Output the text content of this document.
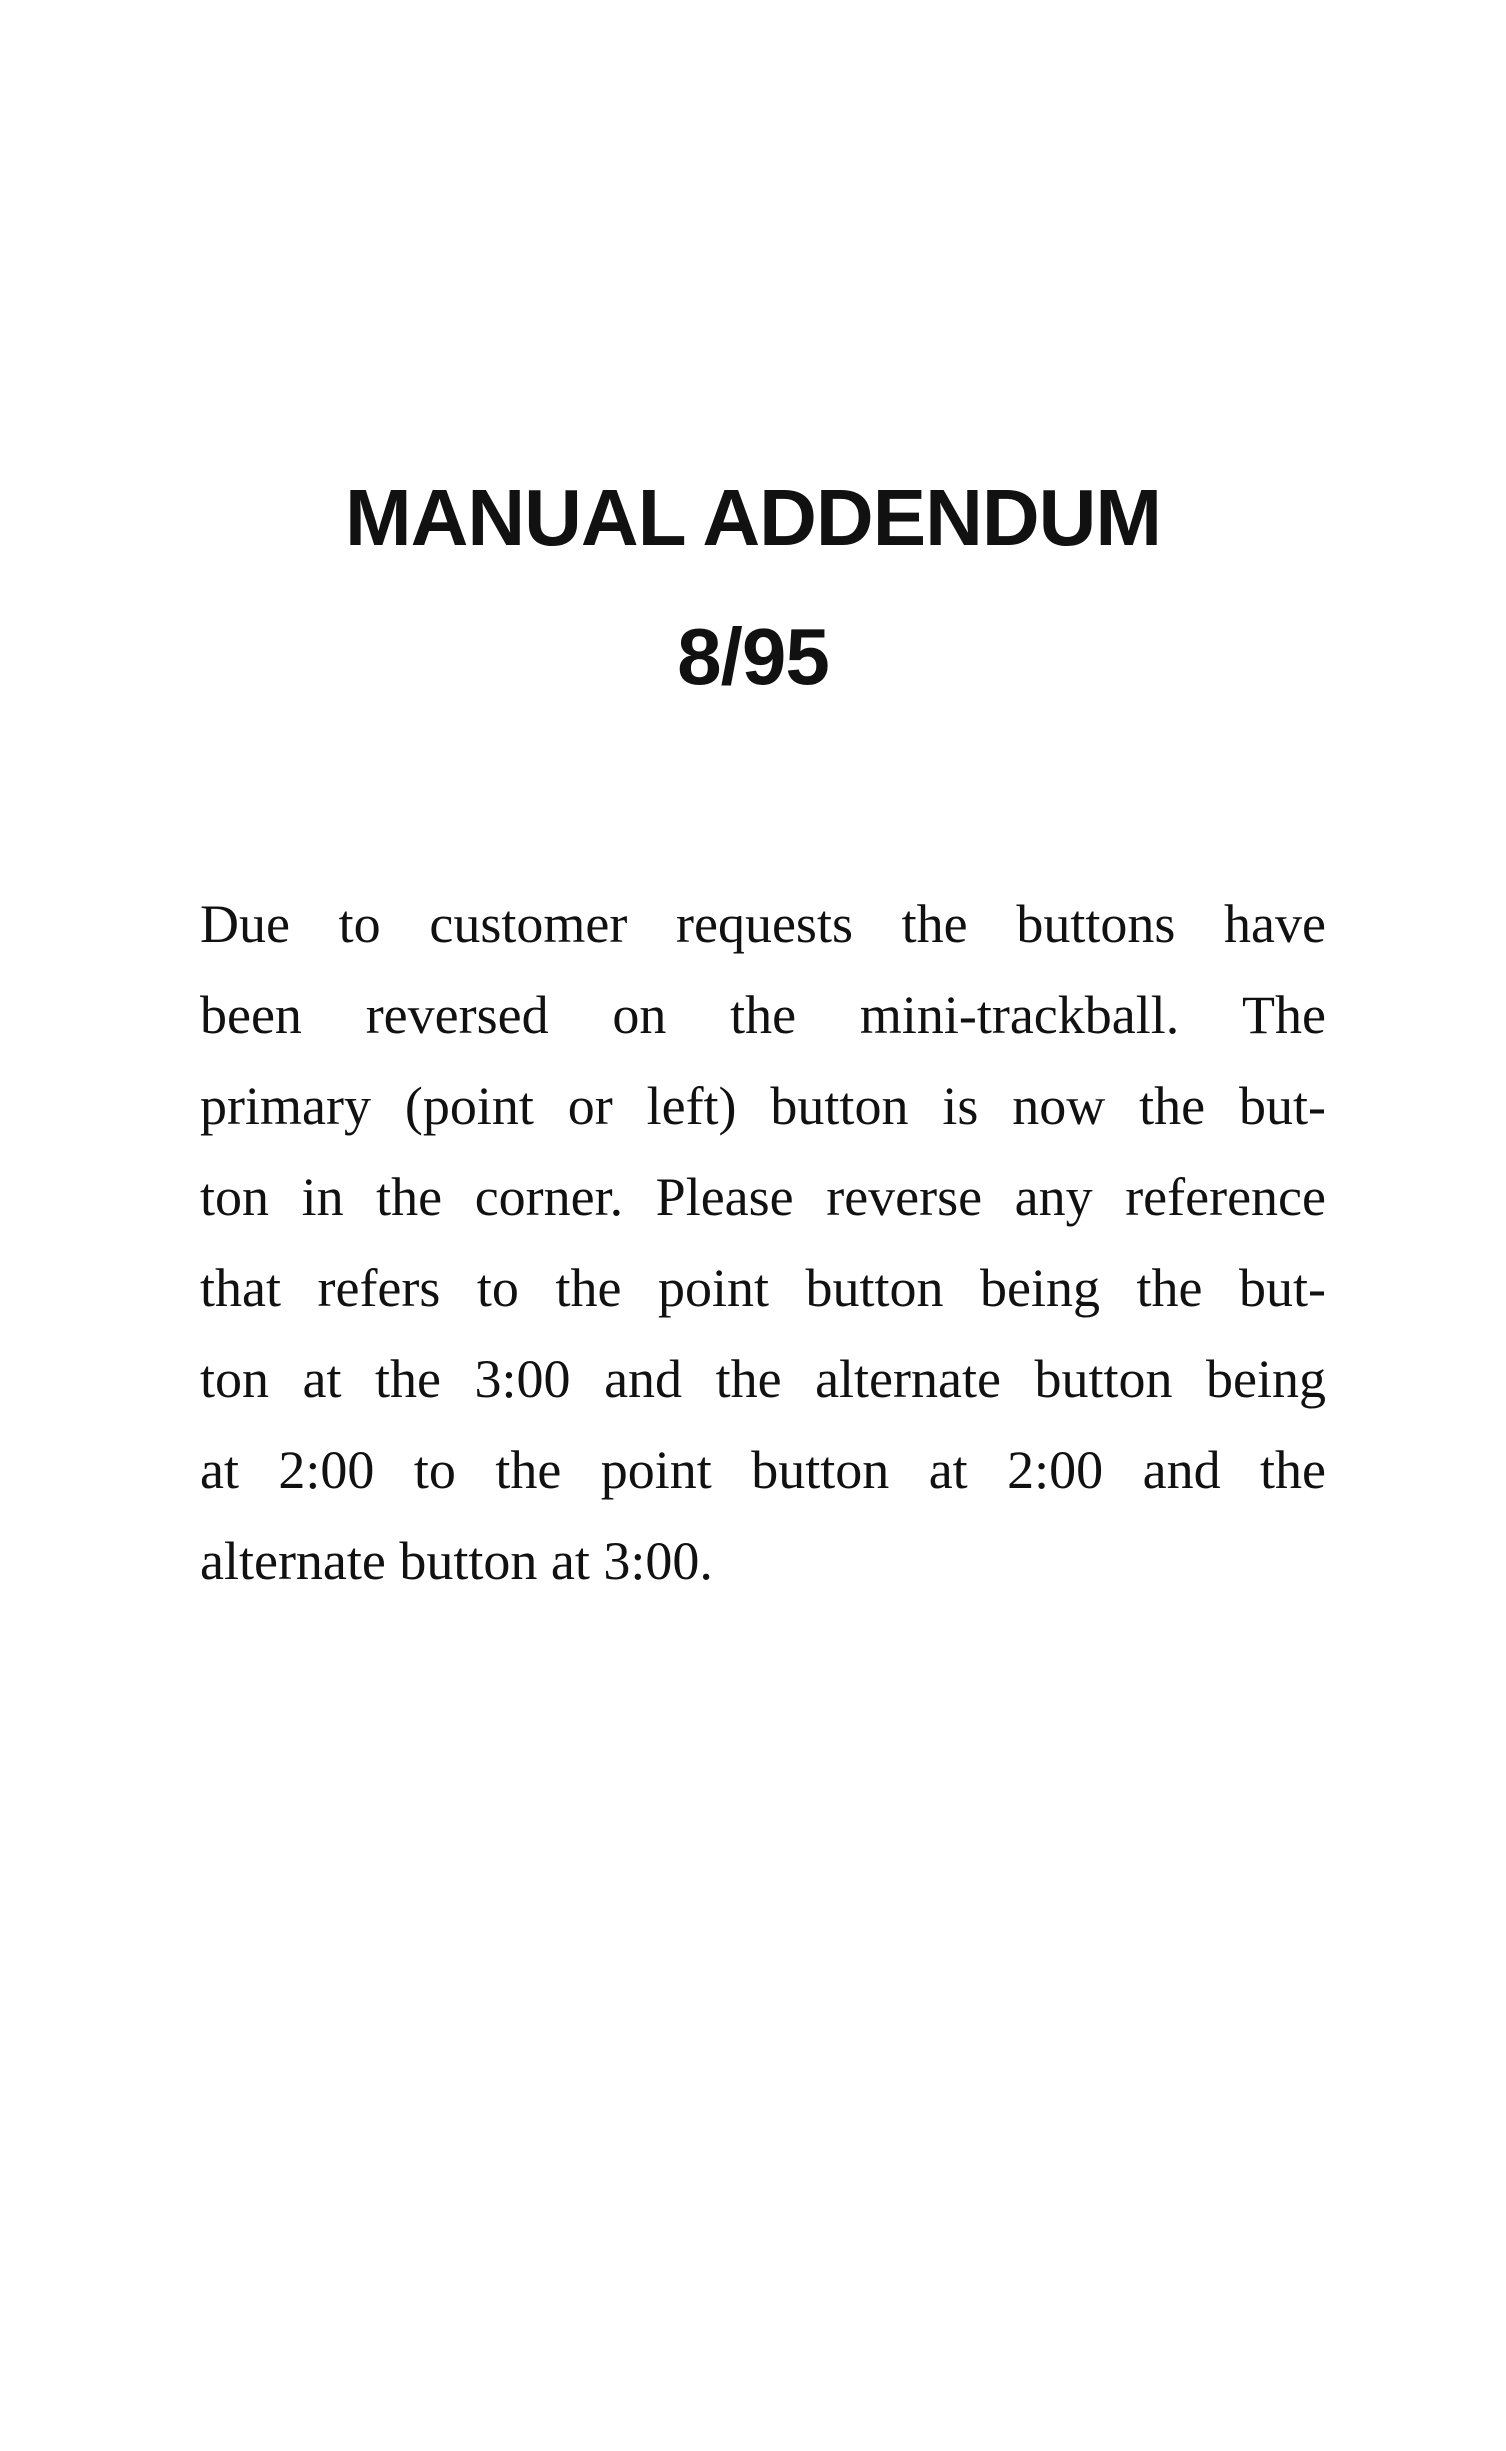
MANUAL ADDENDUM
8/95

Due to customer requests the buttons have
been reversed on the mini-trackball. The
primary (point or left) button is now the but-
ton in the corner. Please reverse any reference
that refers to the point button being the but-
ton at the 3:00 and the alternate button being
at 2:00 to the point button at 2:00 and the
alternate button at 3:00.
